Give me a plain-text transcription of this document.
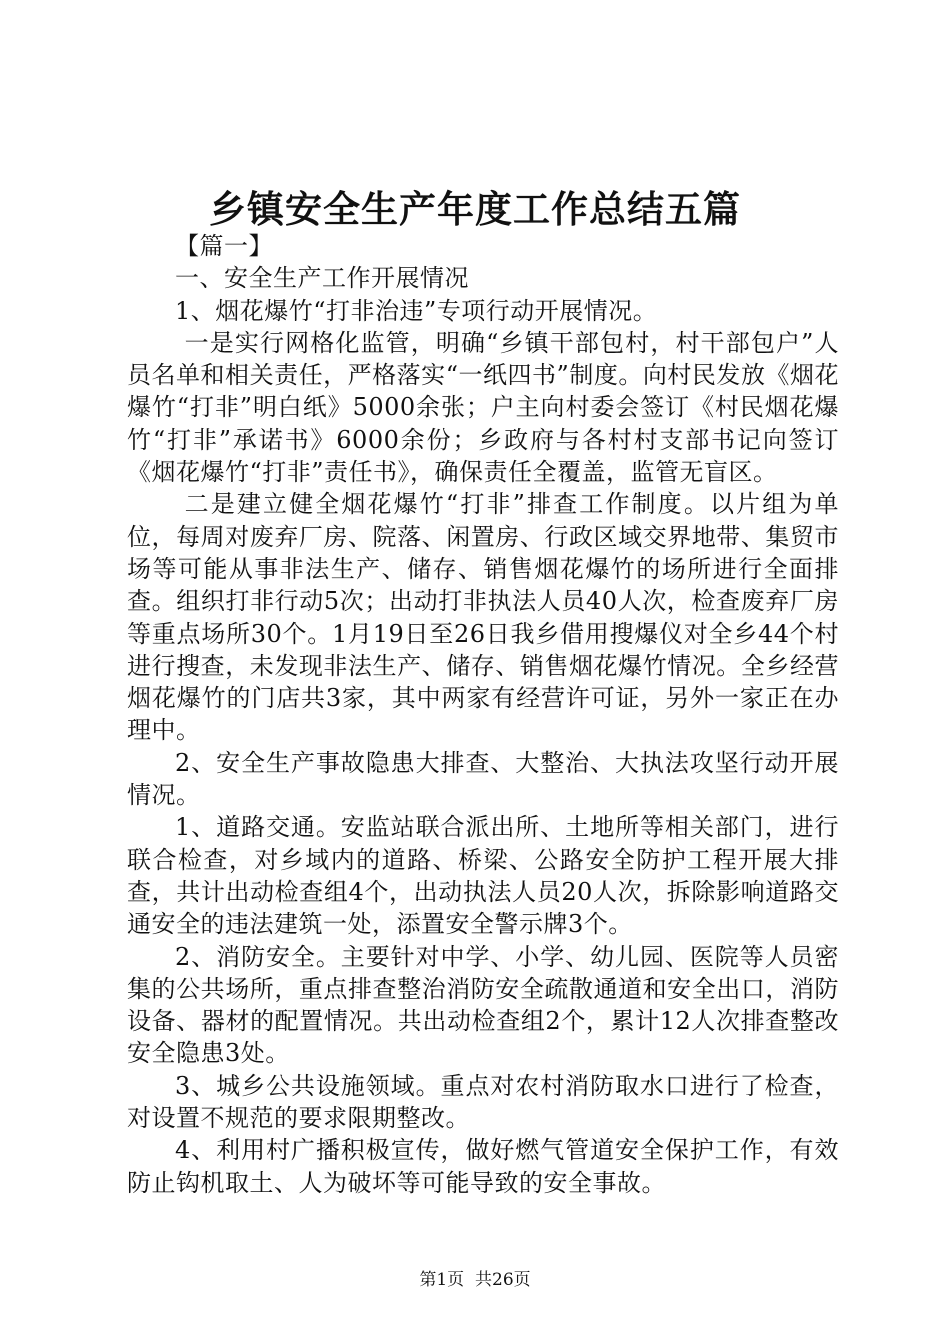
乡镇安全生产年度工作总结五篇

【篇一】

一、安全生产工作开展情况

1、烟花爆竹“打非治违”专项行动开展情况。

一是实行网格化监管，明确“乡镇干部包村，村干部包户”人员名单和相关责任，严格落实“一纸四书”制度。向村民发放《烟花爆竹“打非”明白纸》5000余张；户主向村委会签订《村民烟花爆竹“打非”承诺书》6000余份；乡政府与各村村支部书记向签订《烟花爆竹“打非”责任书》，确保责任全覆盖，监管无盲区。

二是建立健全烟花爆竹“打非”排查工作制度。以片组为单位，每周对废弃厂房、院落、闲置房、行政区域交界地带、集贸市场等可能从事非法生产、储存、销售烟花爆竹的场所进行全面排查。组织打非行动5次；出动打非执法人员40人次，检查废弃厂房等重点场所30个。1月19日至26日我乡借用搜爆仪对全乡44个村进行搜查，未发现非法生产、储存、销售烟花爆竹情况。全乡经营烟花爆竹的门店共3家，其中两家有经营许可证，另外一家正在办理中。

2、安全生产事故隐患大排查、大整治、大执法攻坚行动开展情况。

1、道路交通。安监站联合派出所、土地所等相关部门，进行联合检查，对乡域内的道路、桥梁、公路安全防护工程开展大排查，共计出动检查组4个，出动执法人员20人次，拆除影响道路交通安全的违法建筑一处，添置安全警示牌3个。

2、消防安全。主要针对中学、小学、幼儿园、医院等人员密集的公共场所，重点排查整治消防安全疏散通道和安全出口，消防设备、器材的配置情况。共出动检查组2个，累计12人次排查整改安全隐患3处。

3、城乡公共设施领域。重点对农村消防取水口进行了检查，对设置不规范的要求限期整改。

4、利用村广播积极宣传，做好燃气管道安全保护工作，有效防止钩机取土、人为破坏等可能导致的安全事故。

第1页 共26页
